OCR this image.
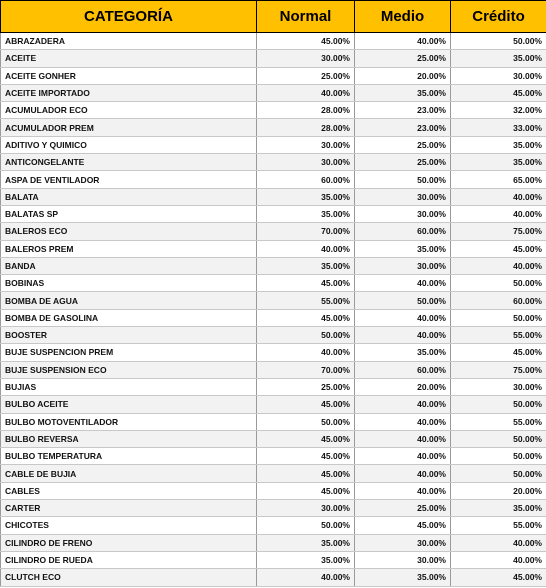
CATEGORÍA	Normal	Medio	Crédito
ABRAZADERA	45.00%	40.00%	50.00%
ACEITE	30.00%	25.00%	35.00%
ACEITE GONHER	25.00%	20.00%	30.00%
ACEITE IMPORTADO	40.00%	35.00%	45.00%
ACUMULADOR ECO	28.00%	23.00%	32.00%
ACUMULADOR PREM	28.00%	23.00%	33.00%
ADITIVO Y QUIMICO	30.00%	25.00%	35.00%
ANTICONGELANTE	30.00%	25.00%	35.00%
ASPA DE VENTILADOR	60.00%	50.00%	65.00%
BALATA	35.00%	30.00%	40.00%
BALATAS SP	35.00%	30.00%	40.00%
BALEROS ECO	70.00%	60.00%	75.00%
BALEROS PREM	40.00%	35.00%	45.00%
BANDA	35.00%	30.00%	40.00%
BOBINAS	45.00%	40.00%	50.00%
BOMBA DE AGUA	55.00%	50.00%	60.00%
BOMBA DE GASOLINA	45.00%	40.00%	50.00%
BOOSTER	50.00%	40.00%	55.00%
BUJE SUSPENCION PREM	40.00%	35.00%	45.00%
BUJE SUSPENSION ECO	70.00%	60.00%	75.00%
BUJIAS	25.00%	20.00%	30.00%
BULBO ACEITE	45.00%	40.00%	50.00%
BULBO MOTOVENTILADOR	50.00%	40.00%	55.00%
BULBO REVERSA	45.00%	40.00%	50.00%
BULBO TEMPERATURA	45.00%	40.00%	50.00%
CABLE DE BUJIA	45.00%	40.00%	50.00%
CABLES	45.00%	40.00%	20.00%
CARTER	30.00%	25.00%	35.00%
CHICOTES	50.00%	45.00%	55.00%
CILINDRO DE FRENO	35.00%	30.00%	40.00%
CILINDRO DE RUEDA	35.00%	30.00%	40.00%
CLUTCH ECO	40.00%	35.00%	45.00%
